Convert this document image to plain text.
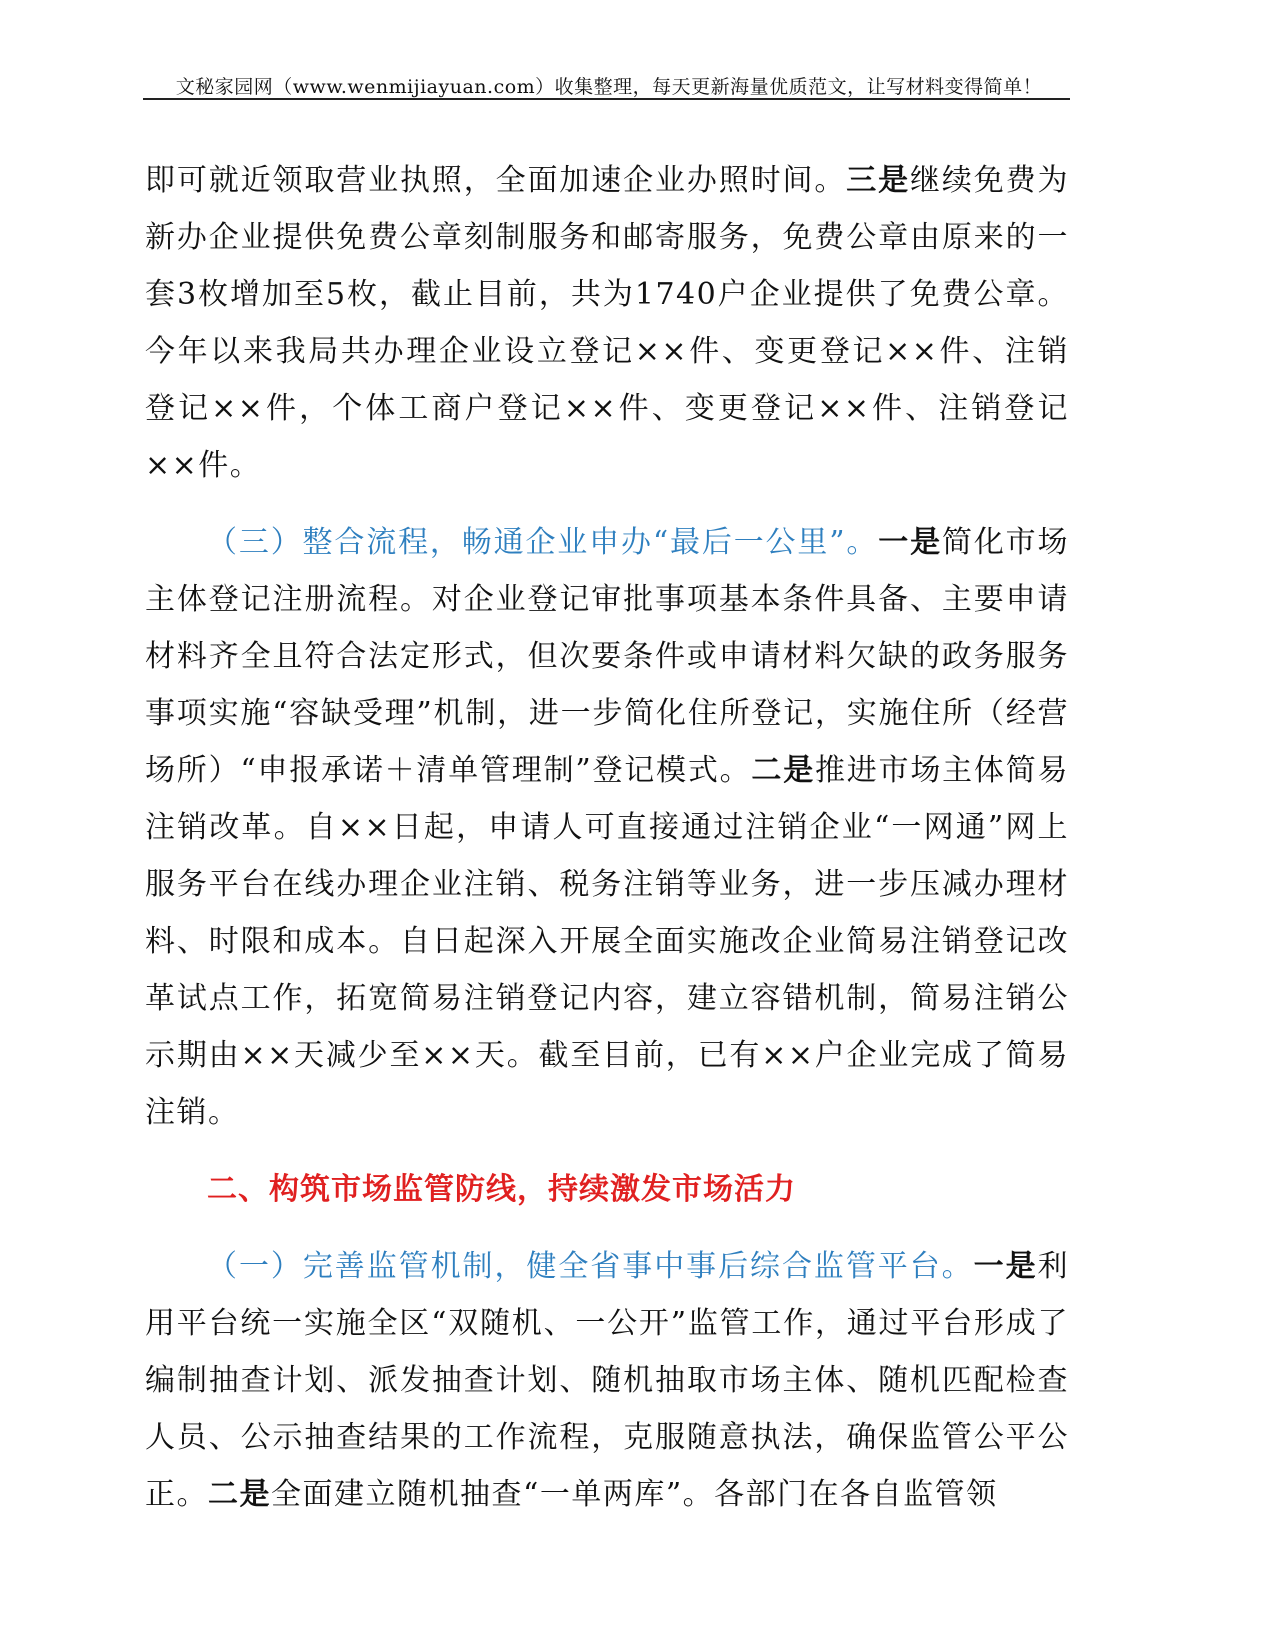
文秘家园网（www.wenmijiayuan.com）收集整理，每天更新海量优质范文，让写材料变得简单！

即可就近领取营业执照，全面加速企业办照时间。三是继续免费为新办企业提供免费公章刻制服务和邮寄服务，免费公章由原来的一套3枚增加至5枚，截止目前，共为1740户企业提供了免费公章。今年以来我局共办理企业设立登记××件、变更登记××件、注销登记××件，个体工商户登记××件、变更登记××件、注销登记××件。

（三）整合流程，畅通企业申办“最后一公里”。一是简化市场主体登记注册流程。对企业登记审批事项基本条件具备、主要申请材料齐全且符合法定形式，但次要条件或申请材料欠缺的政务服务事项实施“容缺受理”机制，进一步简化住所登记，实施住所（经营场所）“申报承诺＋清单管理制”登记模式。二是推进市场主体简易注销改革。自××日起，申请人可直接通过注销企业“一网通”网上服务平台在线办理企业注销、税务注销等业务，进一步压减办理材料、时限和成本。自日起深入开展全面实施改企业简易注销登记改革试点工作，拓宽简易注销登记内容，建立容错机制，简易注销公示期由××天减少至××天。截至目前，已有××户企业完成了简易注销。

二、构筑市场监管防线，持续激发市场活力

（一）完善监管机制，健全省事中事后综合监管平台。一是利用平台统一实施全区“双随机、一公开”监管工作，通过平台形成了编制抽查计划、派发抽查计划、随机抽取市场主体、随机匹配检查人员、公示抽查结果的工作流程，克服随意执法，确保监管公平公正。二是全面建立随机抽查“一单两库”。各部门在各自监管领
